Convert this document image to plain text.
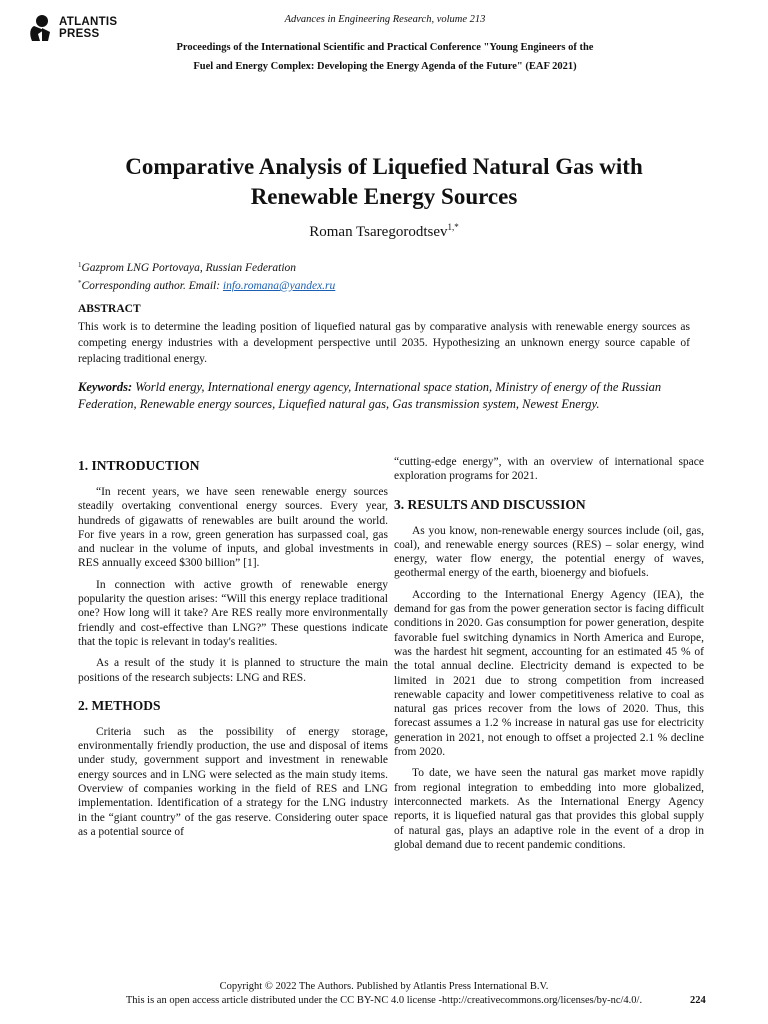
ATLANTIS
PRESS
Advances in Engineering Research, volume 213
Proceedings of the International Scientific and Practical Conference "Young Engineers of the
Fuel and Energy Complex: Developing the Energy Agenda of the Future" (EAF 2021)
Comparative Analysis of Liquefied Natural Gas with
Renewable Energy Sources
Roman Tsaregorodtsev$^{1,*}$
$^1$Gazprom LNG Portovaya, Russian Federation
*Corresponding author. Email: info.romana@yandex.ru
ABSTRACT
This work is to determine the leading position of liquefied natural gas by comparative analysis with renewable energy sources as competing energy industries with a development perspective until 2035. Hypothesizing an unknown energy source capable of replacing traditional energy.
Keywords: World energy, International energy agency, International space station, Ministry of energy of the Russian Federation, Renewable energy sources, Liquefied natural gas, Gas transmission system, Newest Energy.
1. INTRODUCTION

“In recent years, we have seen renewable energy sources steadily overtaking conventional energy sources. Every year, hundreds of gigawatts of renewables are built around the world. For five years in a row, green generation has surpassed coal, gas and nuclear in the volume of inputs, and global investments in RES annually exceed $300 billion” [1].

In connection with active growth of renewable energy popularity the question arises: “Will this energy replace traditional one? How long will it take? Are RES really more environmentally friendly and cost-effective than LNG?” These questions indicate that the topic is relevant in today's realities.

As a result of the study it is planned to structure the main positions of the research subjects: LNG and RES.

2. METHODS

Criteria such as the possibility of energy storage, environmentally friendly production, the use and disposal of items under study, government support and investment in renewable energy sources and in LNG were selected as the main study items. Overview of companies working in the field of RES and LNG implementation. Identification of a strategy for the LNG industry in the “giant country” of the gas reserve. Considering outer space as a potential source of

“cutting-edge energy”, with an overview of international space exploration programs for 2021.

3. RESULTS AND DISCUSSION

As you know, non-renewable energy sources include (oil, gas, coal), and renewable energy sources (RES) – solar energy, wind energy, water flow energy, the potential energy of waves, geothermal energy of the earth, bioenergy and biofuels.

According to the International Energy Agency (IEA), the demand for gas from the power generation sector is facing difficult conditions in 2020. Gas consumption for power generation, despite favorable fuel switching dynamics in North America and Europe, was the hardest hit segment, accounting for an estimated 45 % of the total annual decline. Electricity demand is expected to be limited in 2021 due to strong competition from increased renewable capacity and lower competitiveness relative to coal as natural gas prices recover from the lows of 2020. Thus, this forecast assumes a 1.2 % increase in natural gas use for electricity generation in 2021, not enough to offset a projected 2.1 % decline from 2020.

To date, we have seen the natural gas market move rapidly from regional integration to embedding into more globalized, interconnected markets. As the International Energy Agency reports, it is liquefied natural gas that provides this global supply of natural gas, plays an adaptive role in the event of a drop in global demand due to recent pandemic conditions.

Copyright © 2022 The Authors. Published by Atlantis Press International B.V.
This is an open access article distributed under the CC BY-NC 4.0 license -http://creativecommons.org/licenses/by-nc/4.0/.	224
